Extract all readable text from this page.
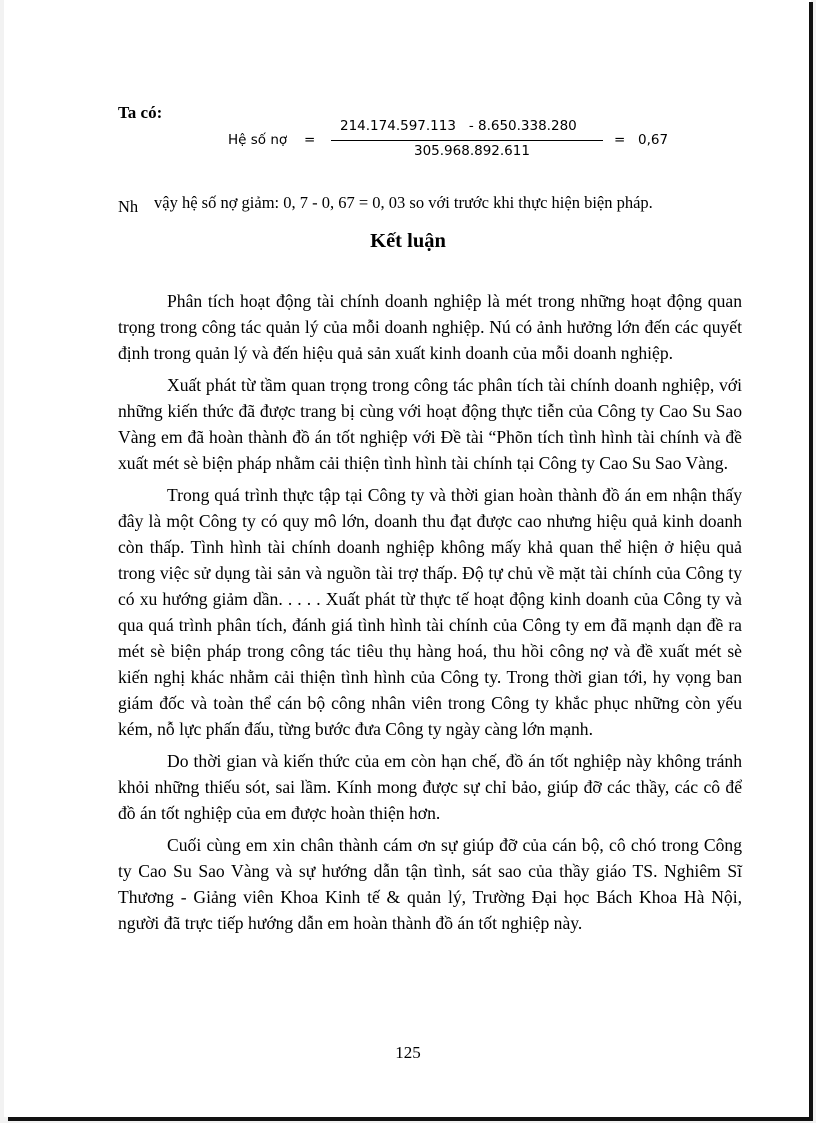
Ta có:
Hệ số nợ =
214.174.597.113   - 8.650.338.280
305.968.892.611
= 0,67
Nh vậy hệ số nợ giảm: 0, 7 - 0, 67 = 0, 03 so với trước khi thực hiện biện pháp.
Kết luận

Phân tích hoạt động tài chính doanh nghiệp là mét trong những hoạt động quan trọng trong công tác quản lý của mỗi doanh nghiệp. Nú có ảnh hưởng lớn đến các quyết định trong quản lý và đến hiệu quả sản xuất kinh doanh của mỗi doanh nghiệp.

Xuất phát từ tầm quan trọng trong công tác phân tích tài chính doanh nghiệp, với những kiến thức đã được trang bị cùng với hoạt động thực tiễn của Công ty Cao Su Sao Vàng em đã hoàn thành đồ án tốt nghiệp với Đề tài “Phõn tích tình hình tài chính và đề xuất mét sè biện pháp nhằm cải thiện tình hình tài chính tại Công ty Cao Su Sao Vàng.

Trong quá trình thực tập tại Công ty và thời gian hoàn thành đồ án em nhận thấy đây là một Công ty có quy mô lớn, doanh thu đạt được cao nhưng hiệu quả kinh doanh còn thấp. Tình hình tài chính doanh nghiệp không mấy khả quan thể hiện ở hiệu quả trong việc sử dụng tài sản và nguồn tài trợ thấp. Độ tự chủ về mặt tài chính của Công ty có xu hướng giảm dần. . . . . Xuất phát từ thực tế hoạt động kinh doanh của Công ty và qua quá trình phân tích, đánh giá tình hình tài chính của Công ty em đã mạnh dạn đề ra mét sè biện pháp trong công tác tiêu thụ hàng hoá, thu hồi công nợ và đề xuất mét sè kiến nghị khác nhằm cải thiện tình hình của Công ty. Trong thời gian tới, hy vọng ban giám đốc và toàn thể cán bộ công nhân viên trong Công ty khắc phục những còn yếu kém, nỗ lực phấn đấu, từng bước đưa Công ty ngày càng lớn mạnh.

Do thời gian và kiến thức của em còn hạn chế, đồ án tốt nghiệp này không tránh khỏi những thiếu sót, sai lầm. Kính mong được sự chỉ bảo, giúp đỡ các thầy, các cô để đồ án tốt nghiệp của em được hoàn thiện hơn.

Cuối cùng em xin chân thành cám ơn sự giúp đỡ của cán bộ, cô chó trong Công ty Cao Su Sao Vàng và sự hướng dẫn tận tình, sát sao của thầy giáo TS. Nghiêm Sĩ Thương - Giảng viên Khoa Kinh tế & quản lý, Trường Đại học Bách Khoa Hà Nội, người đã trực tiếp hướng dẫn em hoàn thành đồ án tốt nghiệp này.

125
